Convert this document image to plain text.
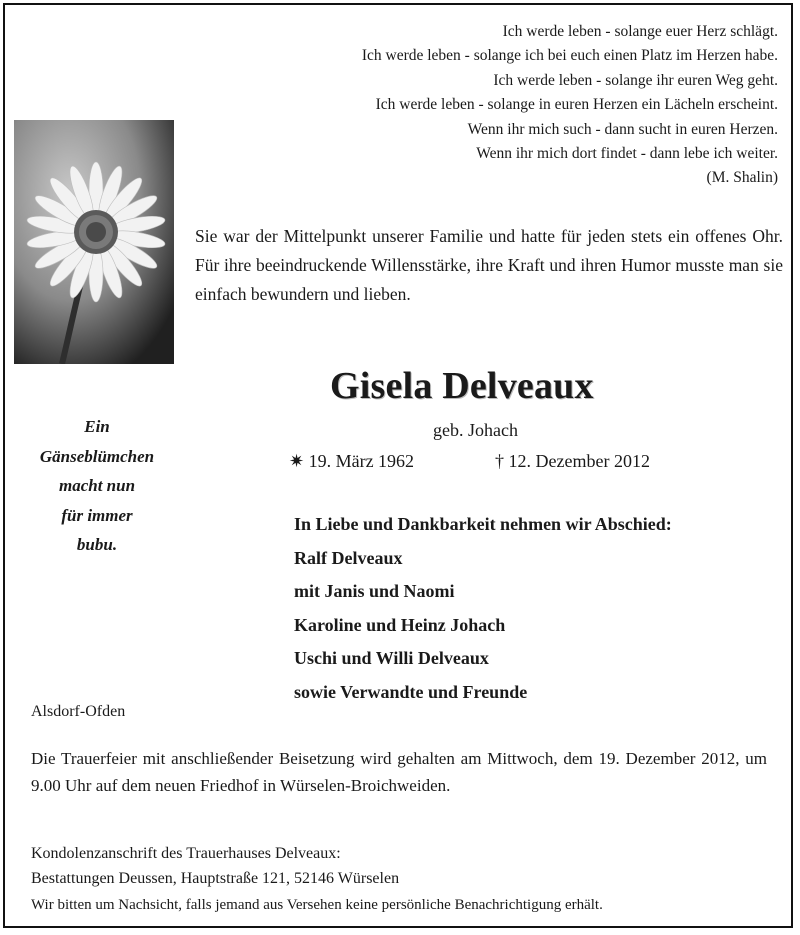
Ich werde leben - solange euer Herz schlägt.
Ich werde leben - solange ich bei euch einen Platz im Herzen habe.
Ich werde leben - solange ihr euren Weg geht.
Ich werde leben - solange in euren Herzen ein Lächeln erscheint.
Wenn ihr mich such - dann sucht in euren Herzen.
Wenn ihr mich dort findet - dann lebe ich weiter.
(M. Shalin)
Sie war der Mittelpunkt unserer Familie und hatte für jeden stets ein offenes Ohr. Für ihre beeindruckende Willensstärke, ihre Kraft und ihren Humor musste man sie einfach bewundern und lieben.
Gisela Delveaux
geb. Johach
✷ 19. März 1962	† 12. Dezember 2012
Ein
Gänseblümchen
macht nun
für immer
bubu.
In Liebe und Dankbarkeit nehmen wir Abschied:
Ralf Delveaux
mit Janis und Naomi
Karoline und Heinz Johach
Uschi und Willi Delveaux
sowie Verwandte und Freunde
Alsdorf-Ofden
Die Trauerfeier mit anschließender Beisetzung wird gehalten am Mittwoch, dem 19. Dezember 2012, um 9.00 Uhr auf dem neuen Friedhof in Würselen-Broichweiden.
Kondolenzanschrift des Trauerhauses Delveaux:
Bestattungen Deussen, Hauptstraße 121, 52146 Würselen
Wir bitten um Nachsicht, falls jemand aus Versehen keine persönliche Benachrichtigung erhält.
